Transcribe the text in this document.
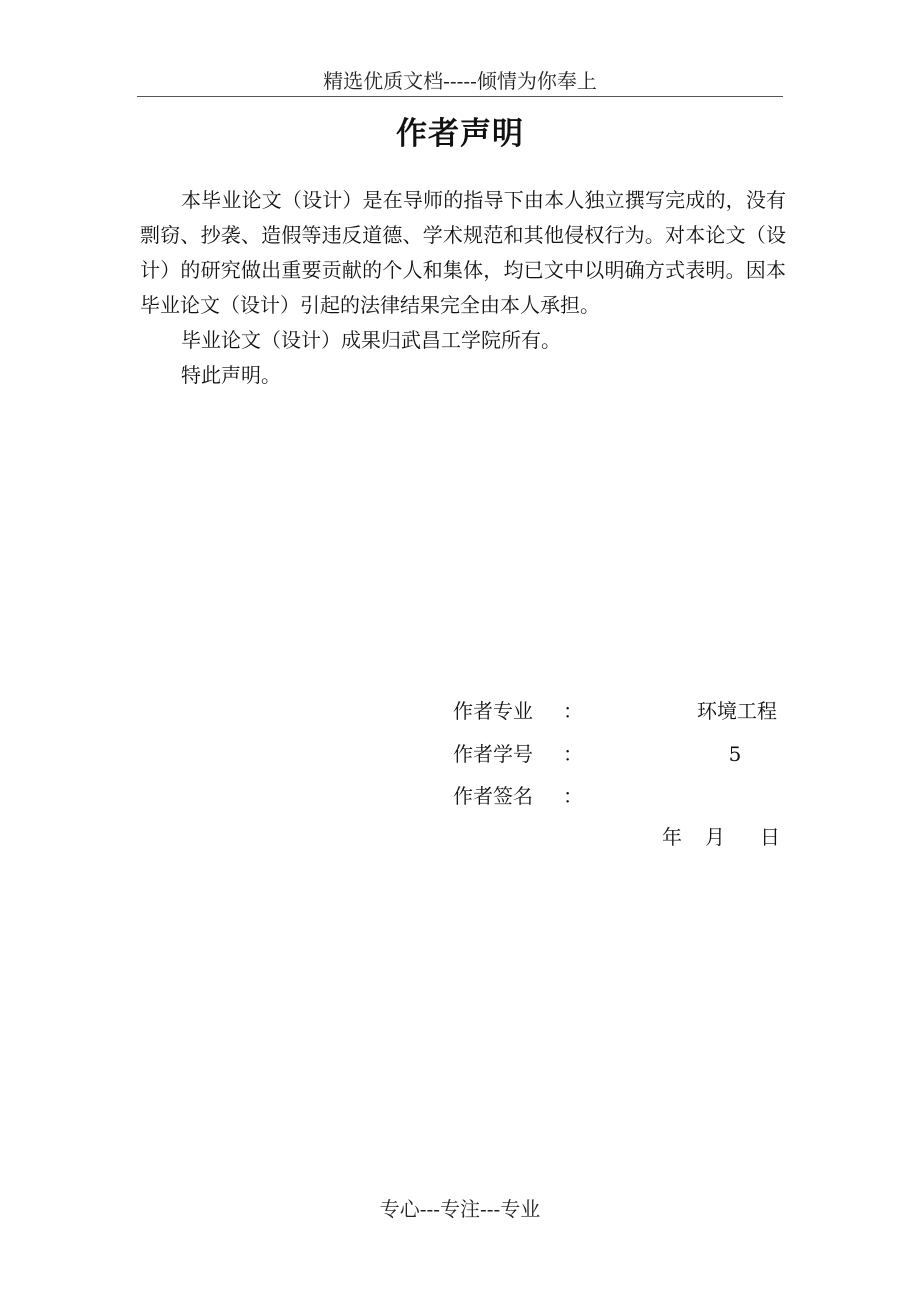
精选优质文档-----倾情为你奉上
作者声明

本毕业论文（设计）是在导师的指导下由本人独立撰写完成的，没有剽窃、抄袭、造假等违反道德、学术规范和其他侵权行为。对本论文（设计）的研究做出重要贡献的个人和集体，均已文中以明确方式表明。因本毕业论文（设计）引起的法律结果完全由本人承担。

毕业论文（设计）成果归武昌工学院所有。

特此声明。

作者专业 ：	环境工程
作者学号 ：	5
作者签名 ：
年 月 日
专心---专注---专业
